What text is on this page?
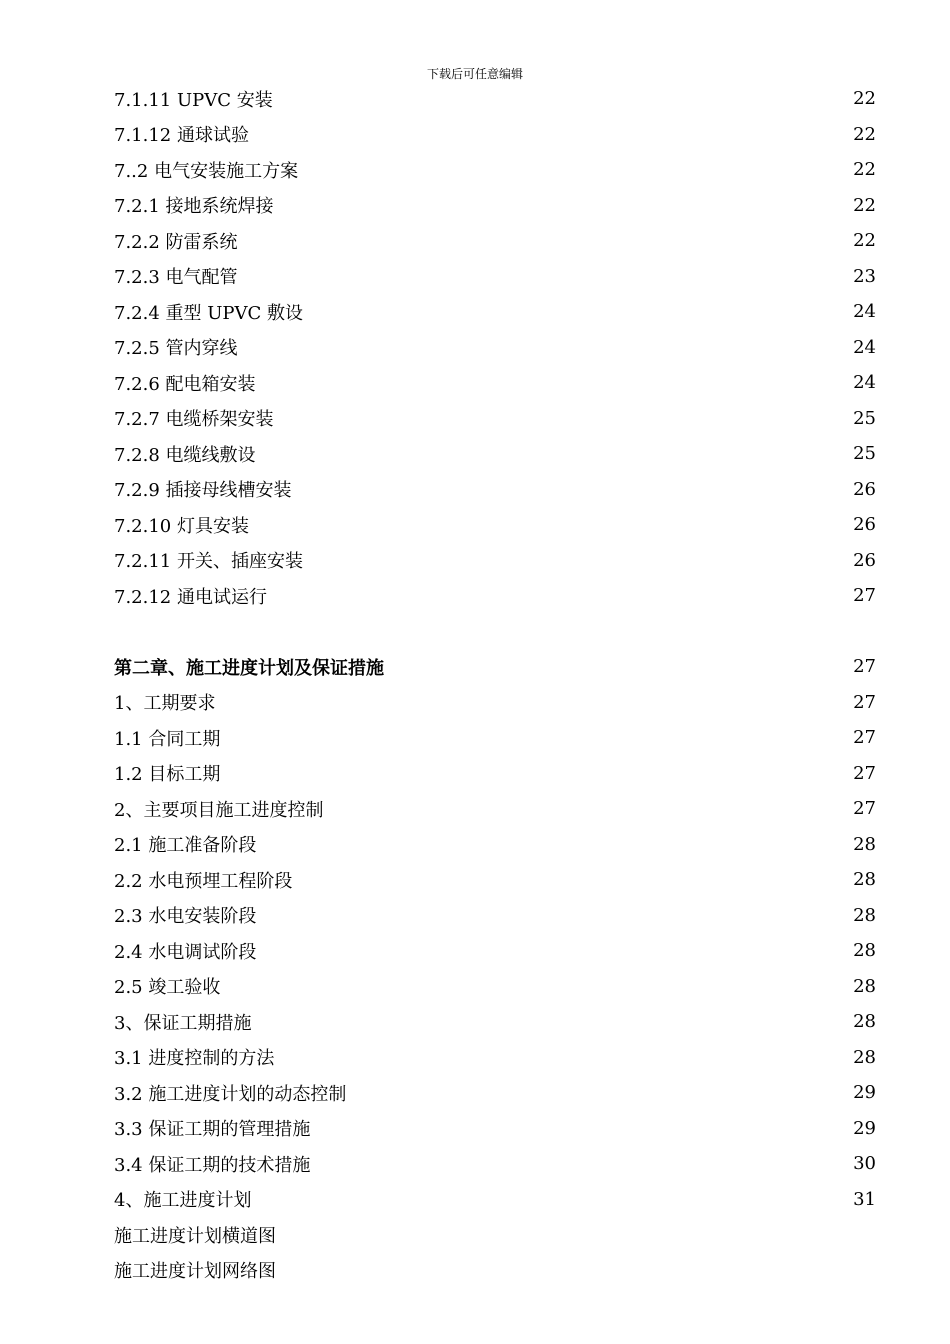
下载后可任意编辑
7.1.11 UPVC 安装	22
7.1.12 通球试验	22
7..2 电气安装施工方案	22
7.2.1 接地系统焊接	22
7.2.2 防雷系统	22
7.2.3 电气配管	23
7.2.4 重型 UPVC 敷设	24
7.2.5 管内穿线	24
7.2.6 配电箱安装	24
7.2.7 电缆桥架安装	25
7.2.8 电缆线敷设	25
7.2.9 插接母线槽安装	26
7.2.10 灯具安装	26
7.2.11 开关、插座安装	26
7.2.12 通电试运行	27
第二章、施工进度计划及保证措施	27
1、工期要求	27
1.1 合同工期	27
1.2 目标工期	27
2、主要项目施工进度控制	27
2.1 施工准备阶段	28
2.2 水电预埋工程阶段	28
2.3 水电安装阶段	28
2.4 水电调试阶段	28
2.5 竣工验收	28
3、保证工期措施	28
3.1 进度控制的方法	28
3.2 施工进度计划的动态控制	29
3.3 保证工期的管理措施	29
3.4 保证工期的技术措施	30
4、施工进度计划	31
施工进度计划横道图
施工进度计划网络图
